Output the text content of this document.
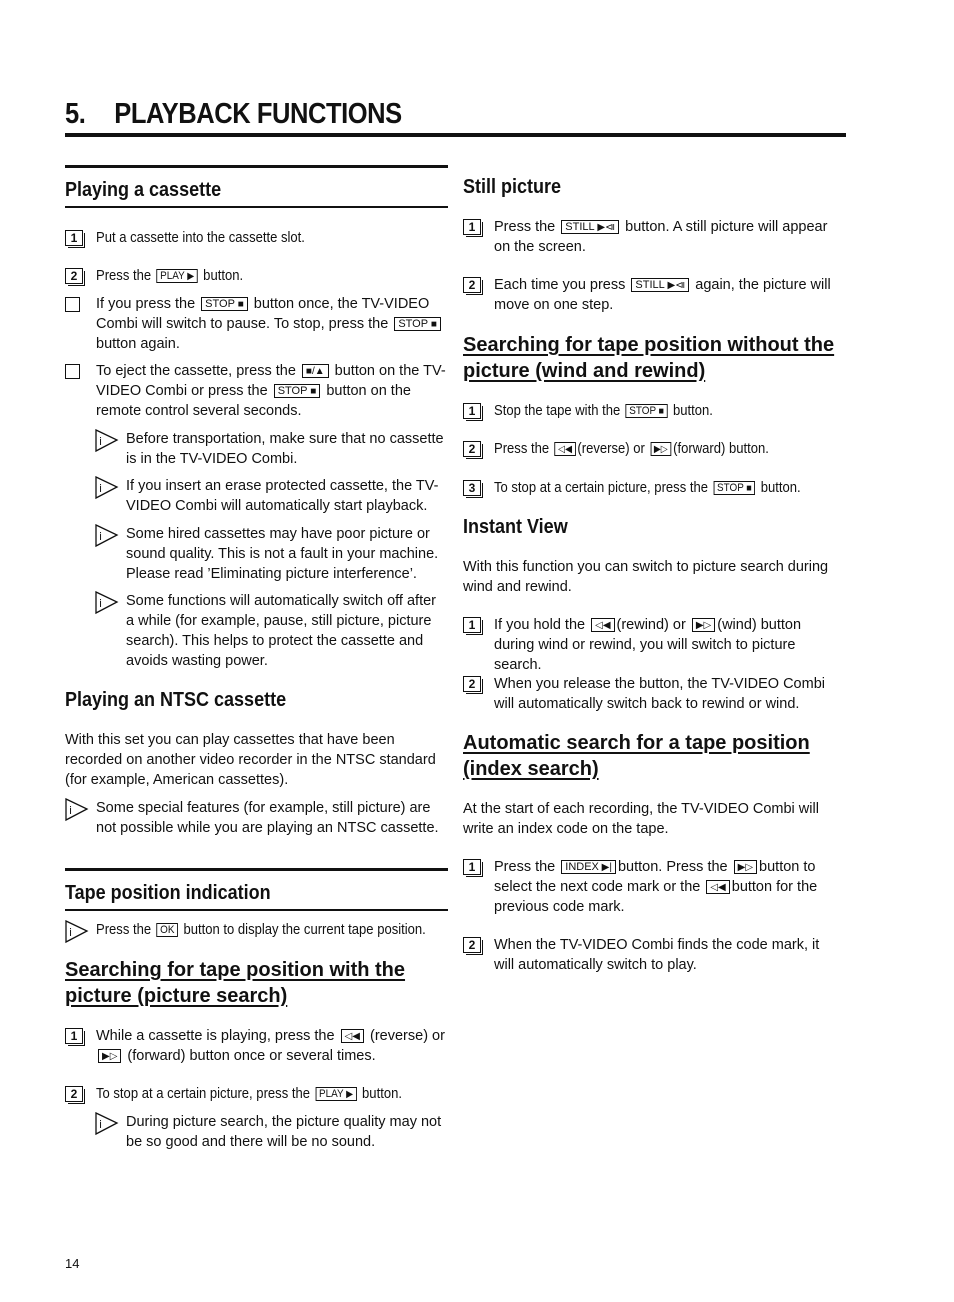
5. PLAYBACK FUNCTIONS
Playing a cassette
1	Put a cassette into the cassette slot.
2	Press the PLAY ▶ button.
If you press the STOP ■ button once, the TV-VIDEO Combi will switch to pause. To stop, press the STOP ■ button again.
To eject the cassette, press the ■/▲ button on the TV-VIDEO Combi or press the STOP ■ button on the remote control several seconds.
i Before transportation, make sure that no cassette is in the TV-VIDEO Combi.
i If you insert an erase protected cassette, the TV-VIDEO Combi will automatically start playback.
i Some hired cassettes may have poor picture or sound quality. This is not a fault in your machine. Please read ’Eliminating picture interference’.
i Some functions will automatically switch off after a while (for example, pause, still picture, picture search). This helps to protect the cassette and avoids wasting power.
Playing an NTSC cassette
With this set you can play cassettes that have been recorded on another video recorder in the NTSC standard (for example, American cassettes).
i Some special features (for example, still picture) are not possible while you are playing an NTSC cassette.
Tape position indication
i Press the OK button to display the current tape position.
Searching for tape position with the picture (picture search)
1	While a cassette is playing, press the ◁◀ (reverse) or ▶▷ (forward) button once or several times.
2	To stop at a certain picture, press the PLAY ▶ button.
i During picture search, the picture quality may not be so good and there will be no sound.
Still picture
1	Press the STILL ▶⧏ button. A still picture will appear on the screen.
2	Each time you press STILL ▶⧏ again, the picture will move on one step.
Searching for tape position without the picture (wind and rewind)
1	Stop the tape with the STOP ■ button.
2	Press the ◁◀ (reverse) or ▶▷ (forward) button.
3	To stop at a certain picture, press the STOP ■ button.
Instant View
With this function you can switch to picture search during wind and rewind.
1	If you hold the ◁◀ (rewind) or ▶▷ (wind) button during wind or rewind, you will switch to picture search.
2	When you release the button, the TV-VIDEO Combi will automatically switch back to rewind or wind.
Automatic search for a tape position (index search)
At the start of each recording, the TV-VIDEO Combi will write an index code on the tape.
1	Press the INDEX ▶| button. Press the ▶▷ button to select the next code mark or the ◁◀ button for the previous code mark.
2	When the TV-VIDEO Combi finds the code mark, it will automatically switch to play.
14
